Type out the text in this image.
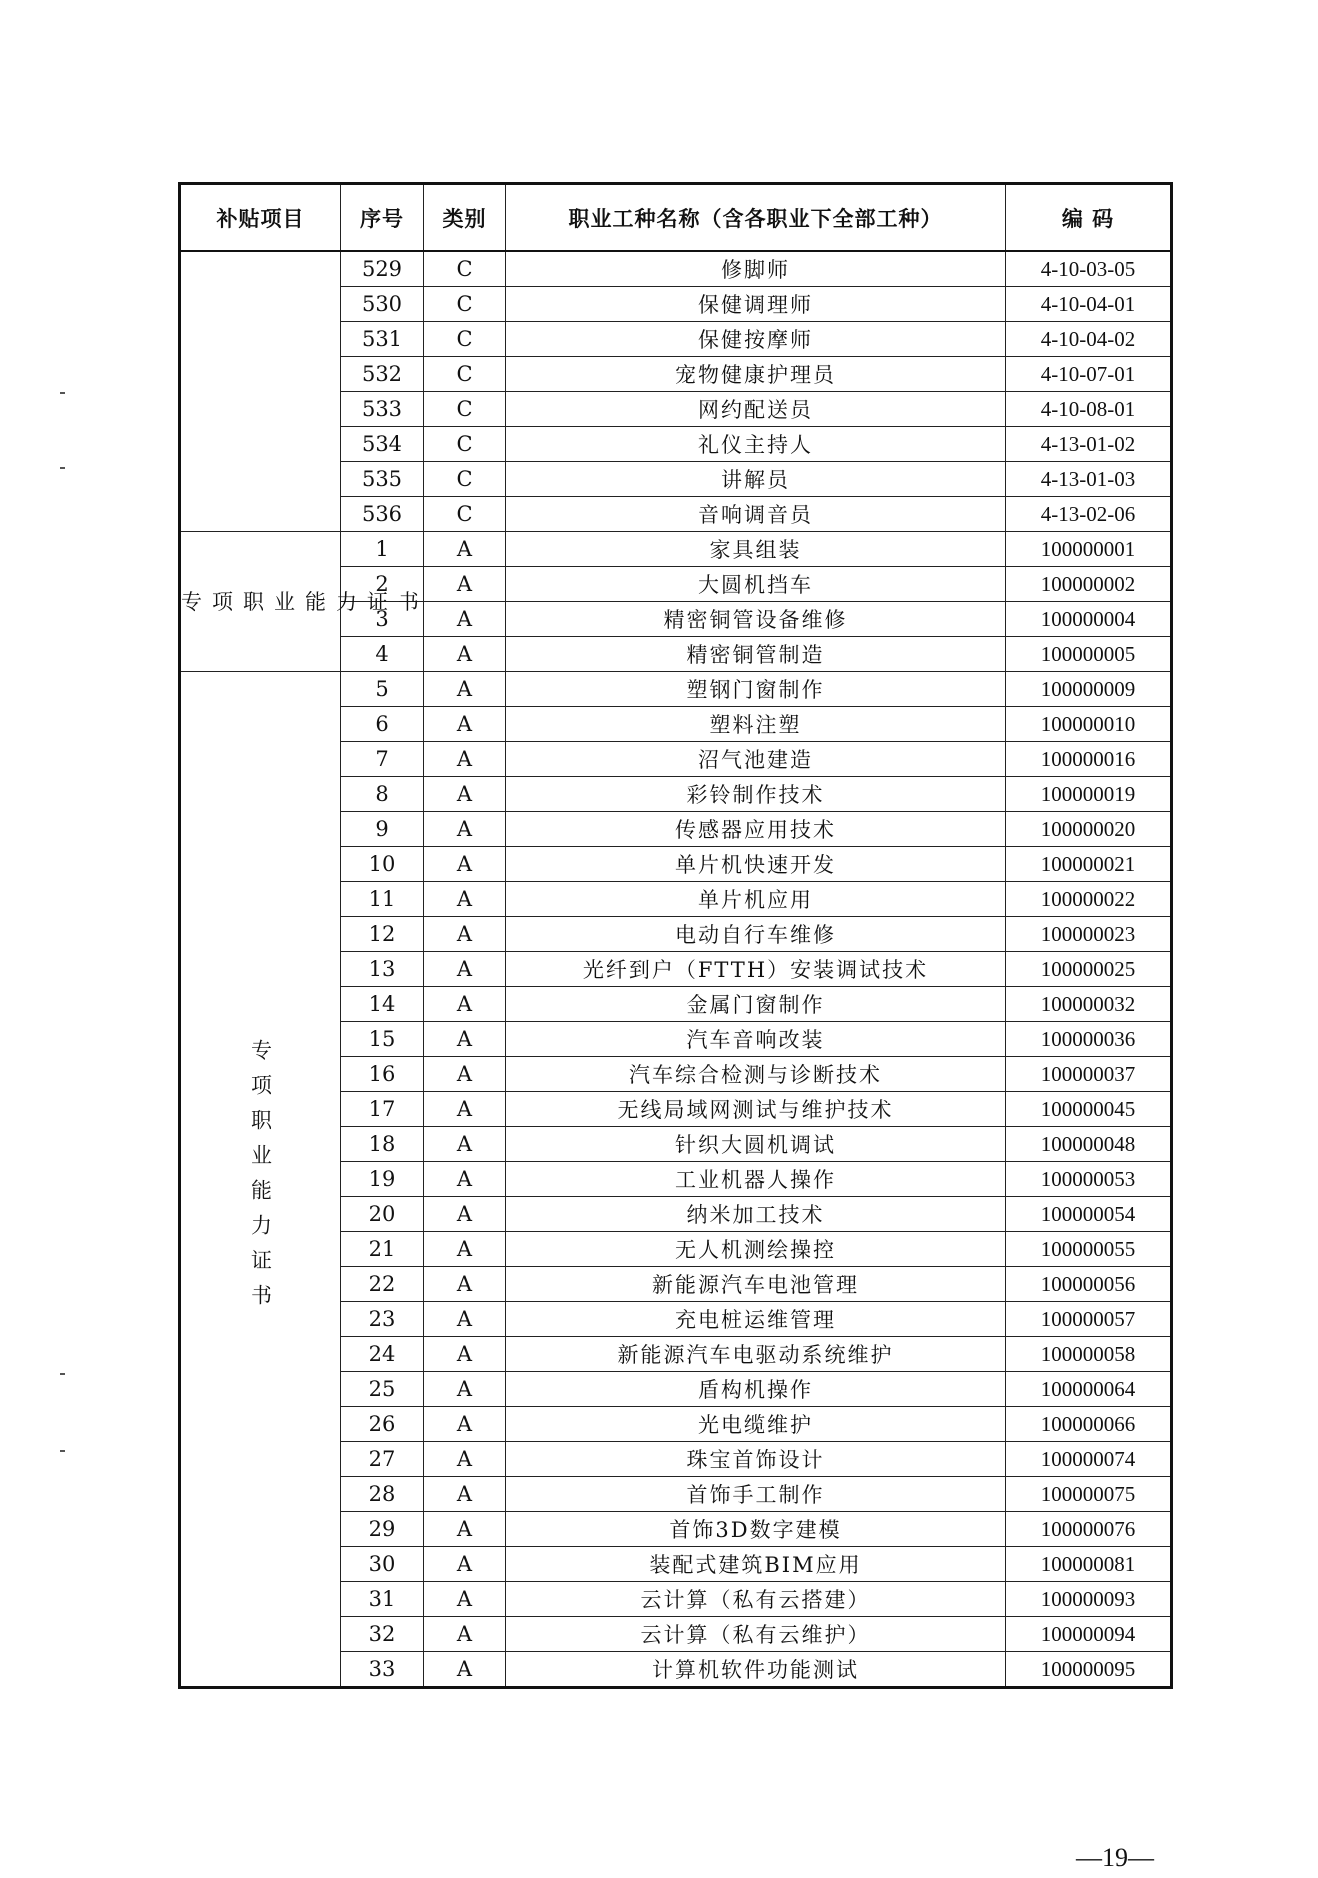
补贴项目	序号	类别	职业工种名称（含各职业下全部工种）	编 码
	529	C	修脚师	4-10-03-05
	530	C	保健调理师	4-10-04-01
	531	C	保健按摩师	4-10-04-02
	532	C	宠物健康护理员	4-10-07-01
	533	C	网约配送员	4-10-08-01
	534	C	礼仪主持人	4-13-01-02
	535	C	讲解员	4-13-01-03
	536	C	音响调音员	4-13-02-06
专项职业能力证书	1	A	家具组装	100000001
	2	A	大圆机挡车	100000002
	3	A	精密铜管设备维修	100000004
	4	A	精密铜管制造	100000005
专项职业能力证书	5	A	塑钢门窗制作	100000009
	6	A	塑料注塑	100000010
	7	A	沼气池建造	100000016
	8	A	彩铃制作技术	100000019
	9	A	传感器应用技术	100000020
	10	A	单片机快速开发	100000021
	11	A	单片机应用	100000022
	12	A	电动自行车维修	100000023
	13	A	光纤到户（FTTH）安装调试技术	100000025
	14	A	金属门窗制作	100000032
	15	A	汽车音响改装	100000036
	16	A	汽车综合检测与诊断技术	100000037
	17	A	无线局域网测试与维护技术	100000045
	18	A	针织大圆机调试	100000048
	19	A	工业机器人操作	100000053
	20	A	纳米加工技术	100000054
	21	A	无人机测绘操控	100000055
	22	A	新能源汽车电池管理	100000056
	23	A	充电桩运维管理	100000057
	24	A	新能源汽车电驱动系统维护	100000058
	25	A	盾构机操作	100000064
	26	A	光电缆维护	100000066
	27	A	珠宝首饰设计	100000074
	28	A	首饰手工制作	100000075
	29	A	首饰3D数字建模	100000076
	30	A	装配式建筑BIM应用	100000081
	31	A	云计算（私有云搭建）	100000093
	32	A	云计算（私有云维护）	100000094
	33	A	计算机软件功能测试	100000095
—19—
